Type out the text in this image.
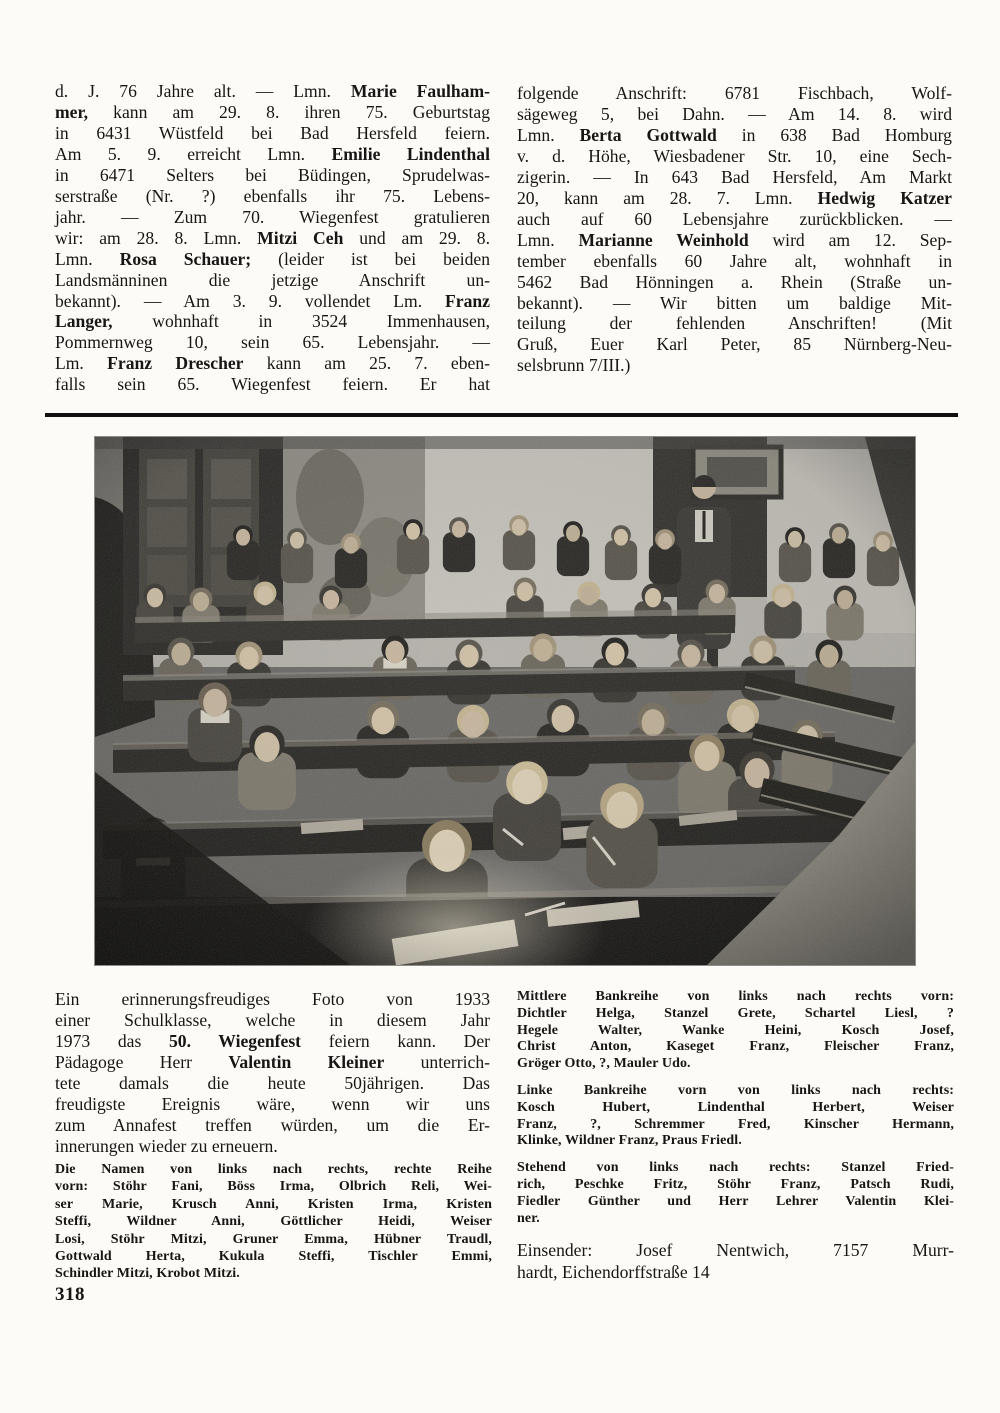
d. J. 76 Jahre alt. — Lmn. Marie Faulham-
mer, kann am 29. 8. ihren 75. Geburtstag
in 6431 Wüstfeld bei Bad Hersfeld feiern.
Am 5. 9. erreicht Lmn. Emilie Lindenthal
in 6471 Selters bei Büdingen, Sprudelwas-
serstraße (Nr. ?) ebenfalls ihr 75. Lebens-
jahr. — Zum 70. Wiegenfest gratulieren
wir: am 28. 8. Lmn. Mitzi Ceh und am 29. 8.
Lmn. Rosa Schauer; (leider ist bei beiden
Landsmänninen die jetzige Anschrift un-
bekannt). — Am 3. 9. vollendet Lm. Franz
Langer, wohnhaft in 3524 Immenhausen,
Pommernweg 10, sein 65. Lebensjahr. —
Lm. Franz Drescher kann am 25. 7. eben-
falls sein 65. Wiegenfest feiern. Er hat
folgende Anschrift: 6781 Fischbach, Wolf-
sägeweg 5, bei Dahn. — Am 14. 8. wird
Lmn. Berta Gottwald in 638 Bad Homburg
v. d. Höhe, Wiesbadener Str. 10, eine Sech-
zigerin. — In 643 Bad Hersfeld, Am Markt
20, kann am 28. 7. Lmn. Hedwig Katzer
auch auf 60 Lebensjahre zurückblicken. —
Lmn. Marianne Weinhold wird am 12. Sep-
tember ebenfalls 60 Jahre alt, wohnhaft in
5462 Bad Hönningen a. Rhein (Straße un-
bekannt). — Wir bitten um baldige Mit-
teilung der fehlenden Anschriften! (Mit
Gruß, Euer Karl Peter, 85 Nürnberg-Neu-
selsbrunn 7/III.)
Ein erinnerungsfreudiges Foto von 1933
einer Schulklasse, welche in diesem Jahr
1973 das 50. Wiegenfest feiern kann. Der
Pädagoge Herr Valentin Kleiner unterrich-
tete damals die heute 50jährigen. Das
freudigste Ereignis wäre, wenn wir uns
zum Annafest treffen würden, um die Er-
innerungen wieder zu erneuern.
Die Namen von links nach rechts, rechte Reihe
vorn: Stöhr Fani, Böss Irma, Olbrich Reli, Wei-
ser Marie, Krusch Anni, Kristen Irma, Kristen
Steffi, Wildner Anni, Göttlicher Heidi, Weiser
Losi, Stöhr Mitzi, Gruner Emma, Hübner Traudl,
Gottwald Herta, Kukula Steffi, Tischler Emmi,
Schindler Mitzi, Krobot Mitzi.
Mittlere Bankreihe von links nach rechts vorn:
Dichtler Helga, Stanzel Grete, Schartel Liesl, ?
Hegele Walter, Wanke Heini, Kosch Josef,
Christ Anton, Kaseget Franz, Fleischer Franz,
Gröger Otto, ?, Mauler Udo.
Linke Bankreihe vorn von links nach rechts:
Kosch Hubert, Lindenthal Herbert, Weiser
Franz, ?, Schremmer Fred, Kinscher Hermann,
Klinke, Wildner Franz, Praus Friedl.
Stehend von links nach rechts: Stanzel Fried-
rich, Peschke Fritz, Stöhr Franz, Patsch Rudi,
Fiedler Günther und Herr Lehrer Valentin Klei-
ner.
Einsender: Josef Nentwich, 7157 Murr-
hardt, Eichendorffstraße 14
318
